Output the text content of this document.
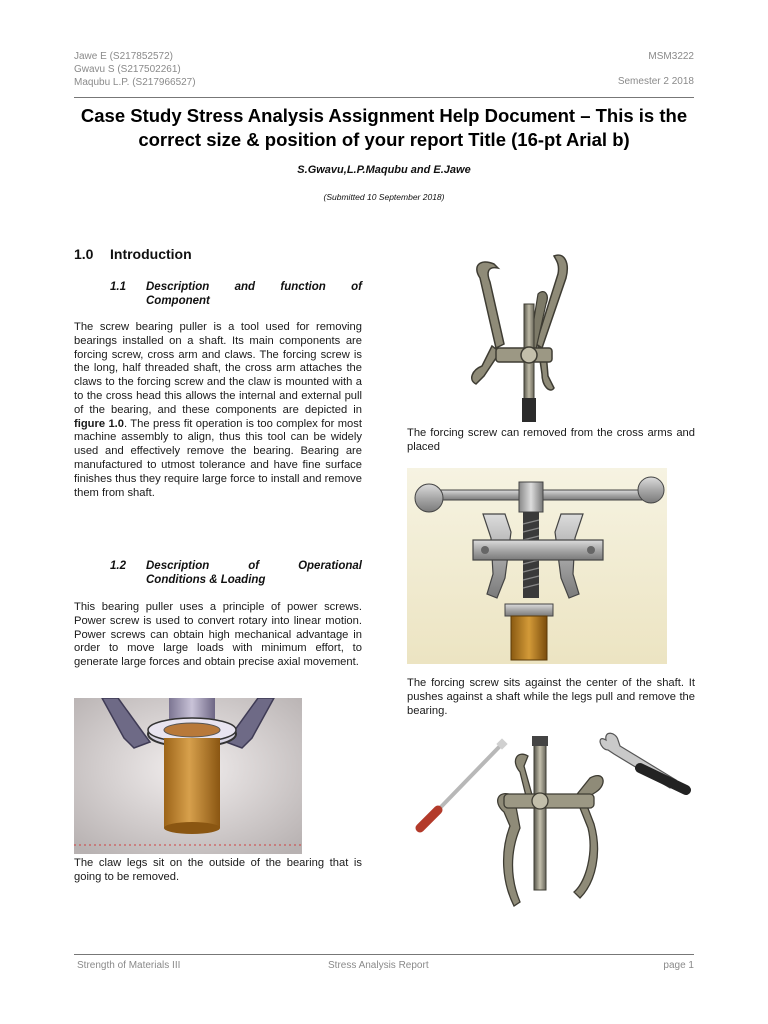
Jawe E (S217852572)
Gwavu S (S217502261)
Maqubu L.P. (S217966527)
MSM3222
Semester 2 2018
Case Study Stress Analysis Assignment Help Document – This is the correct size & position of your report Title (16-pt Arial b)
S.Gwavu,L.P.Maqubu and E.Jawe
(Submitted 10 September 2018)
1.0 Introduction
1.1 Description and function of
Component
The screw bearing puller is a tool used for removing bearings installed on a shaft. Its main components are forcing screw, cross arm and claws. The forcing screw is the long, half threaded shaft, the cross arm attaches the claws to the forcing screw and the claw is mounted with a to the cross head this allows the internal and external pull of the bearing, and these components are depicted in figure 1.0. The press fit operation is too complex for most machine assembly to align, thus this tool can be widely used and effectively remove the bearing. Bearing are manufactured to utmost tolerance and have fine surface finishes thus they require large force to install and remove them from shaft.
1.2 Description of Operational
Conditions & Loading
This bearing puller uses a principle of power screws. Power screw is used to convert rotary into linear motion. Power screws can obtain high mechanical advantage in order to move large loads with minimum effort, to generate large forces and obtain precise axial movement.
The claw legs sit on the outside of the bearing that is going to be removed.
The forcing screw can removed from the cross arms and placed
The forcing screw sits against the center of the shaft. It pushes against a shaft while the legs pull and remove the bearing.
Strength of Materials III	Stress Analysis Report	page 1
